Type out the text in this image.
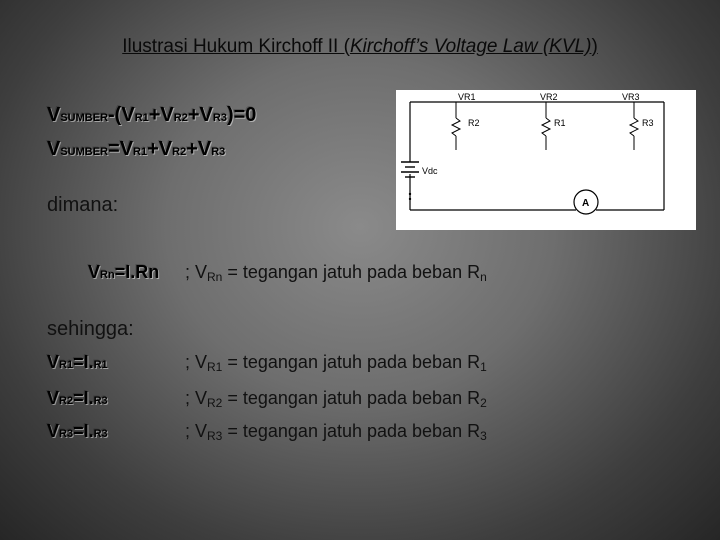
Ilustrasi Hukum Kirchoff II (Kirchoff’s Voltage Law (KVL))
VSUMBER-(VR1+VR2+VR3)=0
VSUMBER=VR1+VR2+VR3
dimana:
VRn=I.Rn ; $V_{Rn}$ = tegangan jatuh pada beban $R_n$
sehingga:
VR1=I.R1	; $V_{R1}$ = tegangan jatuh pada beban $R_1$
VR2=I.R3	; $V_{R2}$ = tegangan jatuh pada beban $R_2$
VR3=I.R3	; $V_{R3}$ = tegangan jatuh pada beban $R_3$
VR1	VR2	VR3
R2	R1	R3
Vdc
A
